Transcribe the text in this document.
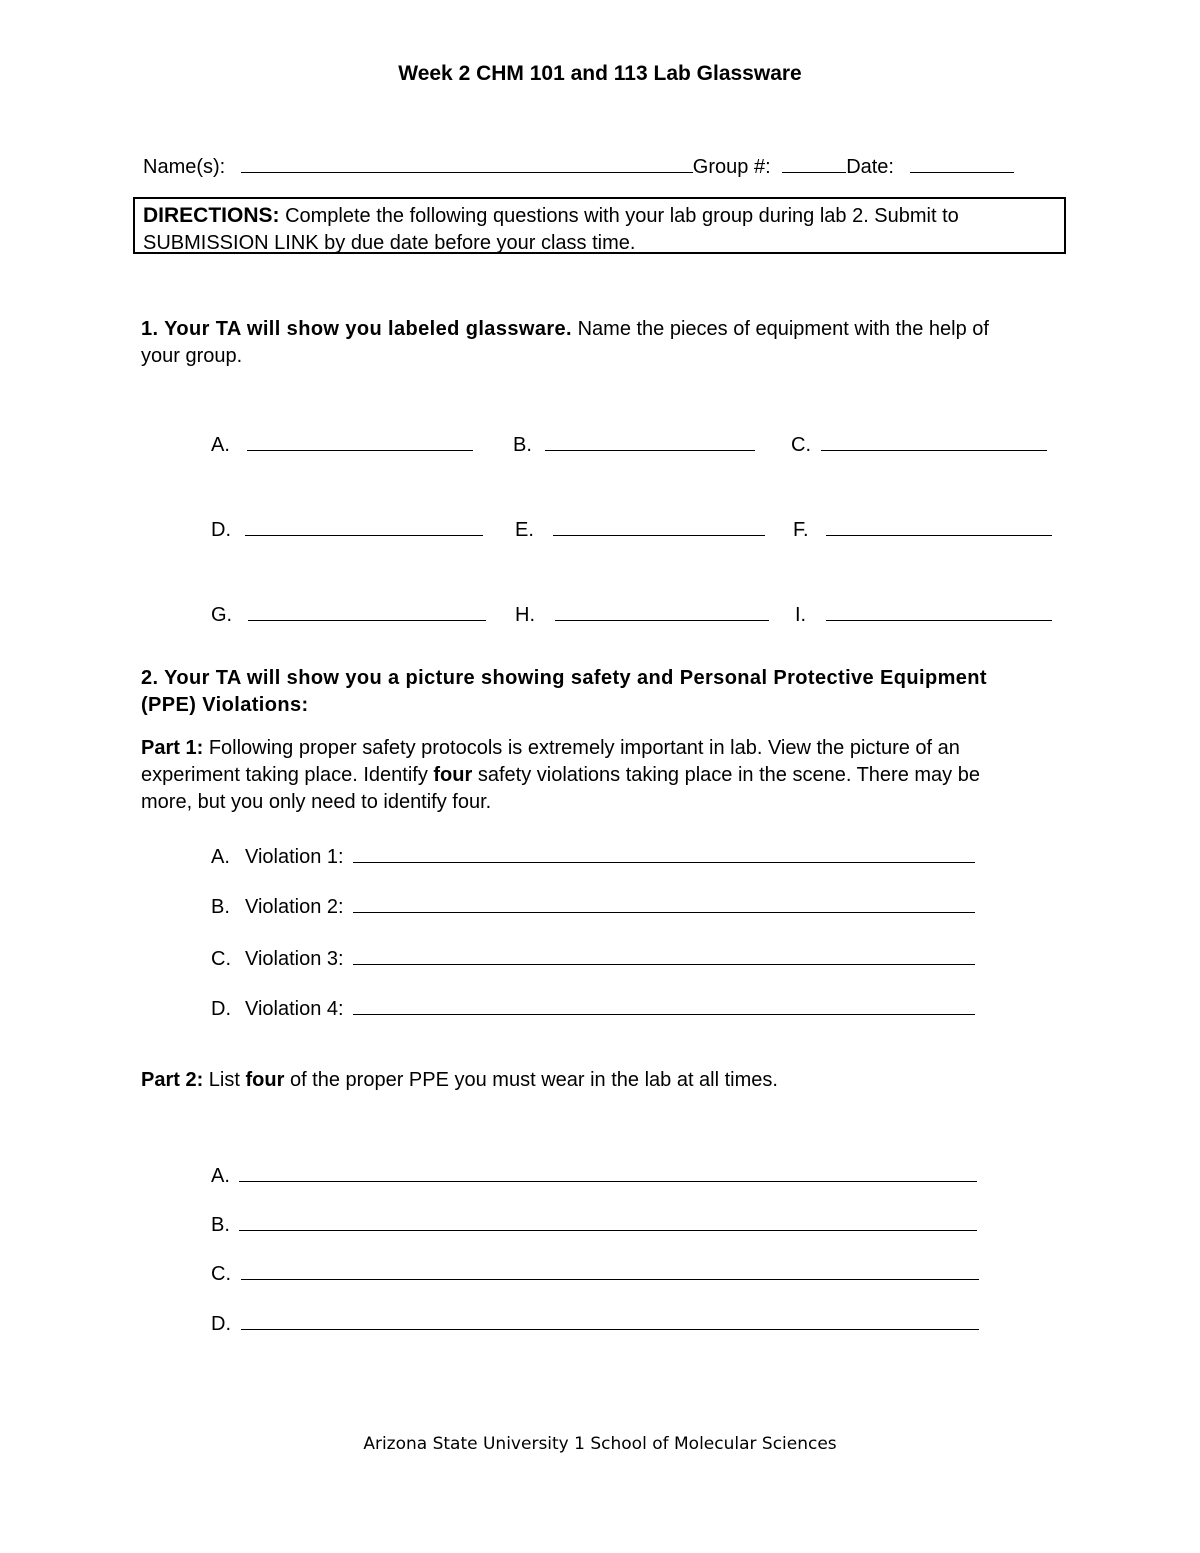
Week 2 CHM 101 and 113 Lab Glassware
Name(s):	Group #:	Date:
DIRECTIONS: Complete the following questions with your lab group during lab 2. Submit to
SUBMISSION LINK by due date before your class time.
1. Your TA will show you labeled glassware. Name the pieces of equipment with the help of
your group.
A.	B.	C.
D.	E.	F.
G.	H.	I.
2. Your TA will show you a picture showing safety and Personal Protective Equipment
(PPE) Violations:
Part 1: Following proper safety protocols is extremely important in lab. View the picture of an
experiment taking place. Identify four safety violations taking place in the scene. There may be
more, but you only need to identify four.
A. Violation 1:
B. Violation 2:
C. Violation 3:
D. Violation 4:
Part 2: List four of the proper PPE you must wear in the lab at all times.
A.
B.
C.
D.
Arizona State University 1 School of Molecular Sciences
